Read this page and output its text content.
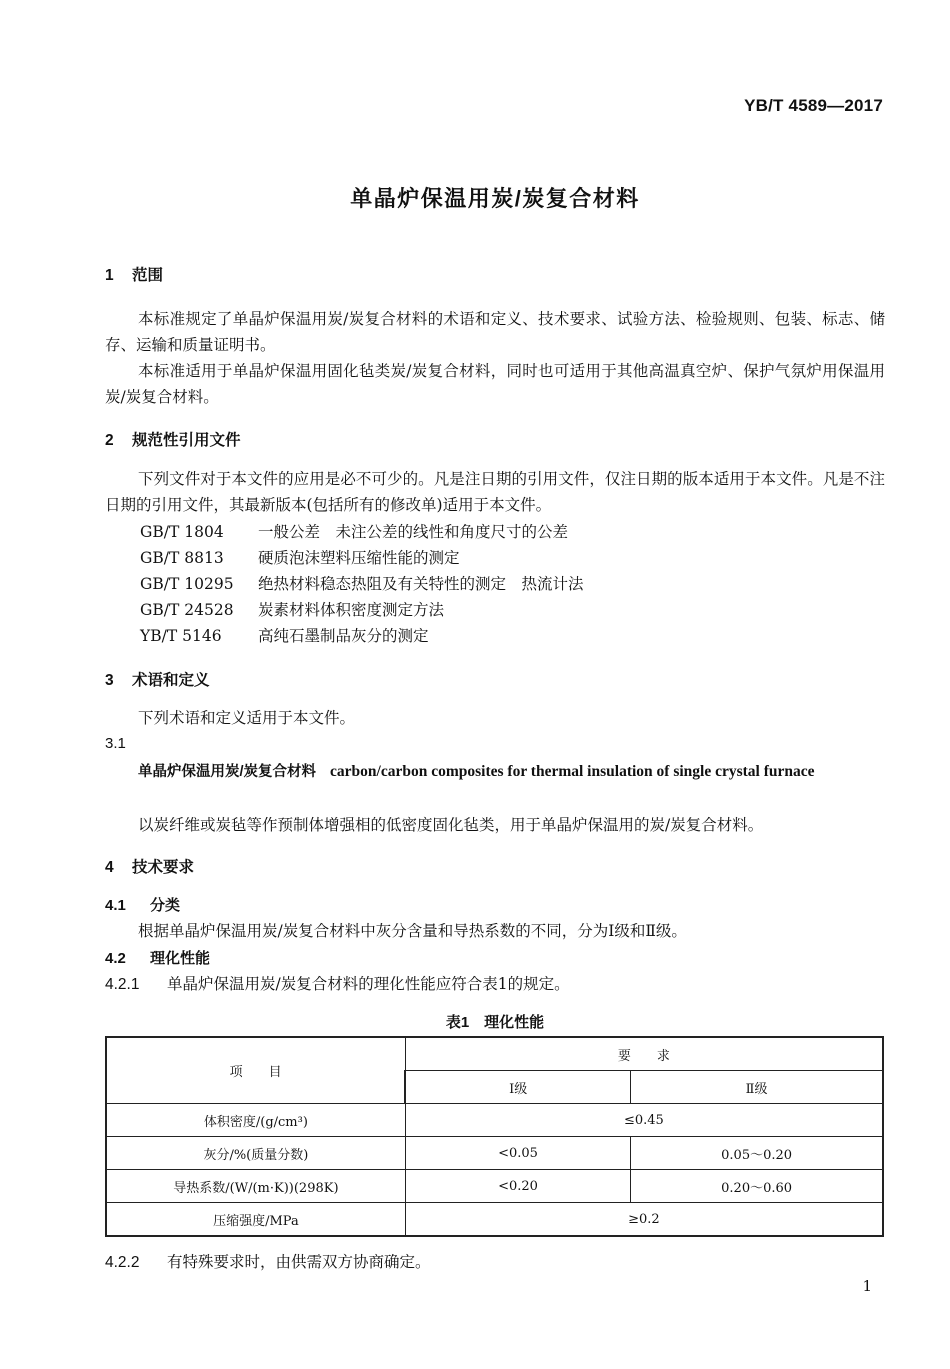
YB/T 4589—2017
单晶炉保温用炭/炭复合材料
1 范围
本标准规定了单晶炉保温用炭/炭复合材料的术语和定义、技术要求、试验方法、检验规则、包装、标志、储存、运输和质量证明书。
本标准适用于单晶炉保温用固化毡类炭/炭复合材料，同时也可适用于其他高温真空炉、保护气氛炉用保温用炭/炭复合材料。
2 规范性引用文件
下列文件对于本文件的应用是必不可少的。凡是注日期的引用文件，仅注日期的版本适用于本文件。凡是不注日期的引用文件，其最新版本(包括所有的修改单)适用于本文件。
GB/T 1804 一般公差　未注公差的线性和角度尺寸的公差
GB/T 8813 硬质泡沫塑料压缩性能的测定
GB/T 10295 绝热材料稳态热阻及有关特性的测定　热流计法
GB/T 24528 炭素材料体积密度测定方法
YB/T 5146 高纯石墨制品灰分的测定
3 术语和定义
下列术语和定义适用于本文件。
3.1
单晶炉保温用炭/炭复合材料 carbon/carbon composites for thermal insulation of single crystal furnace
以炭纤维或炭毡等作预制体增强相的低密度固化毡类，用于单晶炉保温用的炭/炭复合材料。
4 技术要求
4.1 分类
根据单晶炉保温用炭/炭复合材料中灰分含量和导热系数的不同，分为Ⅰ级和Ⅱ级。
4.2 理化性能
4.2.1 单晶炉保温用炭/炭复合材料的理化性能应符合表1的规定。
表1　理化性能
项　　目	要　　求	
	Ⅰ级	Ⅱ级
体积密度/(g/cm³)	≤0.45	
灰分/%(质量分数)	<0.05	0.05～0.20
导热系数/(W/(m·K))(298K)	<0.20	0.20～0.60
压缩强度/MPa	≥0.2	
4.2.2 有特殊要求时，由供需双方协商确定。
1
